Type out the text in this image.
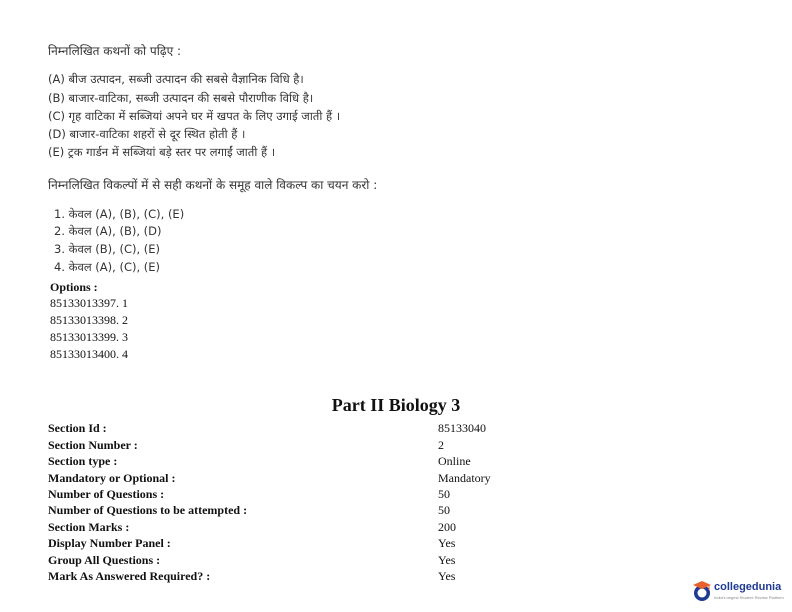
निम्नलिखित कथनों को पढ़िए :
(A) बीज उत्पादन, सब्जी उत्पादन की सबसे वैज्ञानिक विधि है।
(B) बाजार-वाटिका, सब्जी उत्पादन की सबसे पौराणीक विधि है।
(C) गृह वाटिका में सब्जियां अपने घर में खपत के लिए उगाई जाती हैं ।
(D) बाजार-वाटिका शहरों से दूर स्थित होती हैं ।
(E) ट्रक गार्डन में सब्जियां बड़े स्तर पर लगाईं जाती हैं ।
निम्नलिखित विकल्पों में से सही कथनों के समूह वाले विकल्प का चयन करो :
1. केवल (A), (B), (C), (E)
2. केवल (A), (B), (D)
3. केवल (B), (C), (E)
4. केवल (A), (C), (E)
Options :
85133013397. 1
85133013398. 2
85133013399. 3
85133013400. 4
Part II Biology 3
Section Id :	85133040
Section Number :	2
Section type :	Online
Mandatory or Optional :	Mandatory
Number of Questions :	50
Number of Questions to be attempted :	50
Section Marks :	200
Display Number Panel :	Yes
Group All Questions :	Yes
Mark As Answered Required? :	Yes
collegedunia
India's largest Student Review Platform
